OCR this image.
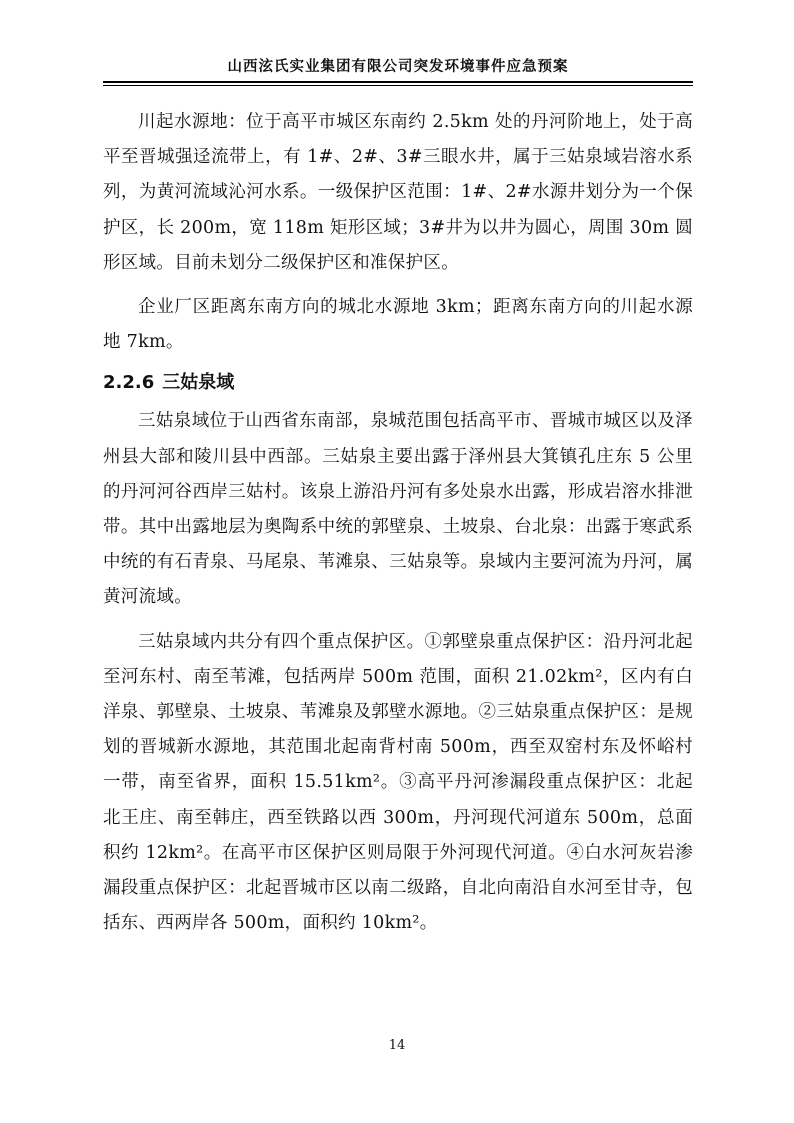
山西泫氏实业集团有限公司突发环境事件应急预案

川起水源地：位于高平市城区东南约 2.5km 处的丹河阶地上，处于高平至晋城强迳流带上，有 1#、2#、3#三眼水井，属于三姑泉域岩溶水系列，为黄河流域沁河水系。一级保护区范围：1#、2#水源井划分为一个保护区，长 200m，宽 118m 矩形区域；3#井为以井为圆心，周围 30m 圆形区域。目前未划分二级保护区和准保护区。

企业厂区距离东南方向的城北水源地 3km；距离东南方向的川起水源地 7km。

2.2.6 三姑泉域

三姑泉域位于山西省东南部，泉城范围包括高平市、晋城市城区以及泽州县大部和陵川县中西部。三姑泉主要出露于泽州县大箕镇孔庄东 5 公里的丹河河谷西岸三姑村。该泉上游沿丹河有多处泉水出露，形成岩溶水排泄带。其中出露地层为奥陶系中统的郭壁泉、土坡泉、台北泉：出露于寒武系中统的有石青泉、马尾泉、苇滩泉、三姑泉等。泉域内主要河流为丹河，属黄河流域。

三姑泉域内共分有四个重点保护区。①郭壁泉重点保护区：沿丹河北起至河东村、南至苇滩，包括两岸 500m 范围，面积 21.02km²，区内有白洋泉、郭壁泉、土坡泉、苇滩泉及郭壁水源地。②三姑泉重点保护区：是规划的晋城新水源地，其范围北起南背村南 500m，西至双窑村东及怀峪村一带，南至省界，面积 15.51km²。③高平丹河渗漏段重点保护区：北起北王庄、南至韩庄，西至铁路以西 300m，丹河现代河道东 500m，总面积约 12km²。在高平市区保护区则局限于外河现代河道。④白水河灰岩渗漏段重点保护区：北起晋城市区以南二级路，自北向南沿自水河至甘寺，包括东、西两岸各 500m，面积约 10km²。

14
